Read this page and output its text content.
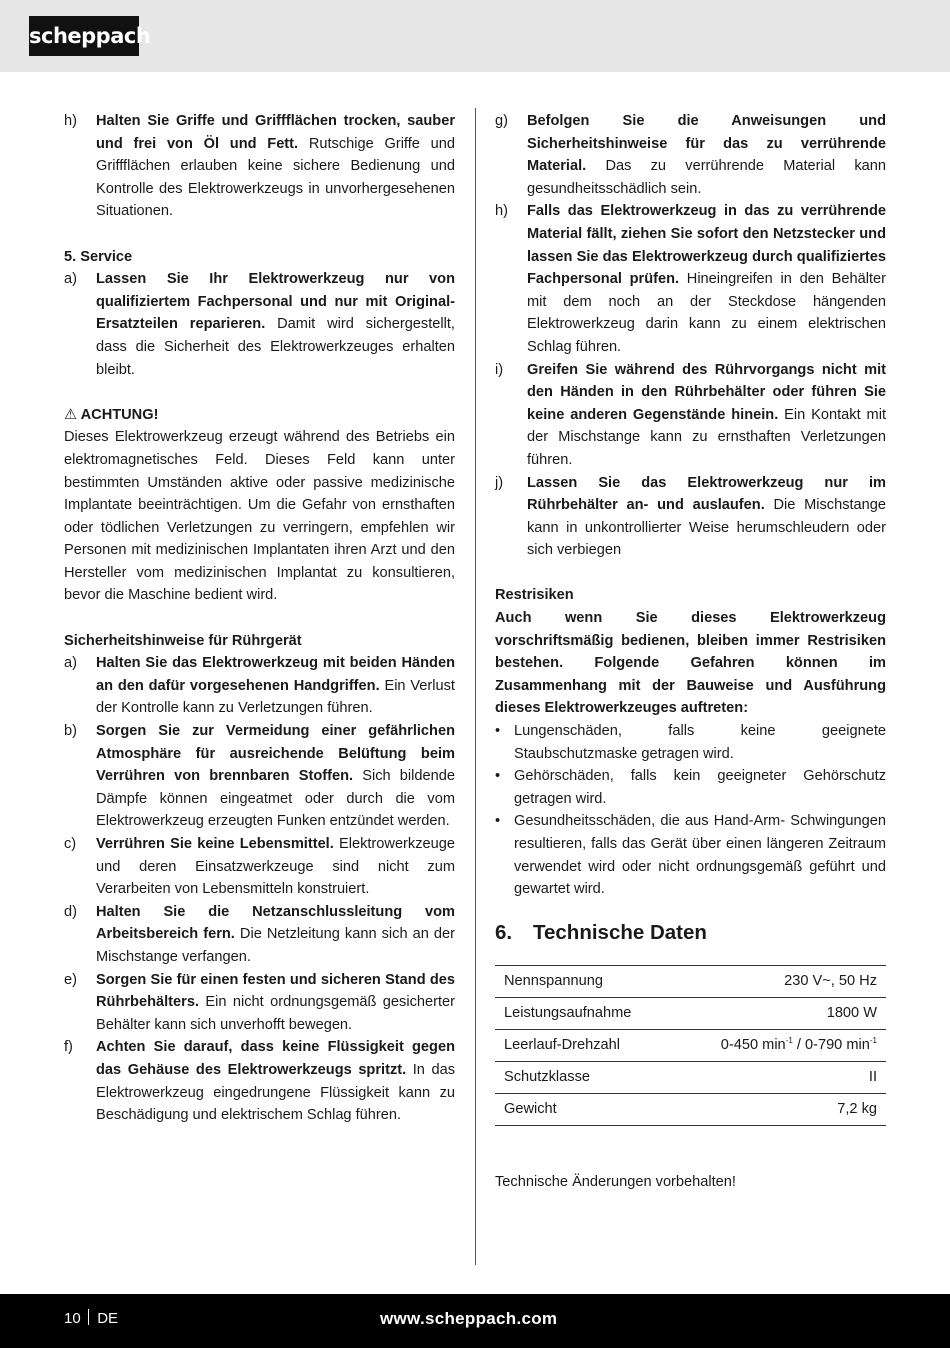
scheppach
h) Halten Sie Griffe und Griffflächen trocken, sauber und frei von Öl und Fett. Rutschige Griffe und Griffflächen erlauben keine sichere Bedienung und Kontrolle des Elektrowerkzeugs in unvorhergesehenen Situationen.
5. Service
a) Lassen Sie Ihr Elektrowerkzeug nur von qualifiziertem Fachpersonal und nur mit Original-Ersatzteilen reparieren. Damit wird sichergestellt, dass die Sicherheit des Elektrowerkzeuges erhalten bleibt.
⚠ ACHTUNG!

Dieses Elektrowerkzeug erzeugt während des Betriebs ein elektromagnetisches Feld. Dieses Feld kann unter bestimmten Umständen aktive oder passive medizinische Implantate beeinträchtigen. Um die Gefahr von ernsthaften oder tödlichen Verletzungen zu verringern, empfehlen wir Personen mit medizinischen Implantaten ihren Arzt und den Hersteller vom medizinischen Implantat zu konsultieren, bevor die Maschine bedient wird.

Sicherheitshinweise für Rührgerät
a) Halten Sie das Elektrowerkzeug mit beiden Händen an den dafür vorgesehenen Handgriffen. Ein Verlust der Kontrolle kann zu Verletzungen führen.
b) Sorgen Sie zur Vermeidung einer gefährlichen Atmosphäre für ausreichende Belüftung beim Verrühren von brennbaren Stoffen. Sich bildende Dämpfe können eingeatmet oder durch die vom Elektrowerkzeug erzeugten Funken entzündet werden.
c) Verrühren Sie keine Lebensmittel. Elektrowerkzeuge und deren Einsatzwerkzeuge sind nicht zum Verarbeiten von Lebensmitteln konstruiert.
d) Halten Sie die Netzanschlussleitung vom Arbeitsbereich fern. Die Netzleitung kann sich an der Mischstange verfangen.
e) Sorgen Sie für einen festen und sicheren Stand des Rührbehälters. Ein nicht ordnungsgemäß gesicherter Behälter kann sich unverhofft bewegen.
f) Achten Sie darauf, dass keine Flüssigkeit gegen das Gehäuse des Elektrowerkzeugs spritzt. In das Elektrowerkzeug eingedrungene Flüssigkeit kann zu Beschädigung und elektrischem Schlag führen.
g) Befolgen Sie die Anweisungen und Sicherheitshinweise für das zu verrührende Material. Das zu verrührende Material kann gesundheitsschädlich sein.
h) Falls das Elektrowerkzeug in das zu verrührende Material fällt, ziehen Sie sofort den Netzstecker und lassen Sie das Elektrowerkzeug durch qualifiziertes Fachpersonal prüfen. Hineingreifen in den Behälter mit dem noch an der Steckdose hängenden Elektrowerkzeug darin kann zu einem elektrischen Schlag führen.
i) Greifen Sie während des Rührvorgangs nicht mit den Händen in den Rührbehälter oder führen Sie keine anderen Gegenstände hinein. Ein Kontakt mit der Mischstange kann zu ernsthaften Verletzungen führen.
j) Lassen Sie das Elektrowerkzeug nur im Rührbehälter an- und auslaufen. Die Mischstange kann in unkontrollierter Weise herumschleudern oder sich verbiegen
Restrisiken

Auch wenn Sie dieses Elektrowerkzeug vorschriftsmäßig bedienen, bleiben immer Restrisiken bestehen. Folgende Gefahren können im Zusammenhang mit der Bauweise und Ausführung dieses Elektrowerkzeuges auftreten:

• Lungenschäden, falls keine geeignete Staubschutzmaske getragen wird.
• Gehörschäden, falls kein geeigneter Gehörschutz getragen wird.
• Gesundheitsschäden, die aus Hand-Arm- Schwingungen resultieren, falls das Gerät über einen längeren Zeitraum verwendet wird oder nicht ordnungsgemäß geführt und gewartet wird.
6. Technische Daten
Nennspannung	230 V~, 50 Hz
Leistungsaufnahme	1800 W
Leerlauf-Drehzahl	0-450 $\min^{-1} / 0-790$ $\min^{-1}$
Schutzklasse	II
Gewicht	7,2 kg

Technische Änderungen vorbehalten!

10 DE	www.scheppach.com
